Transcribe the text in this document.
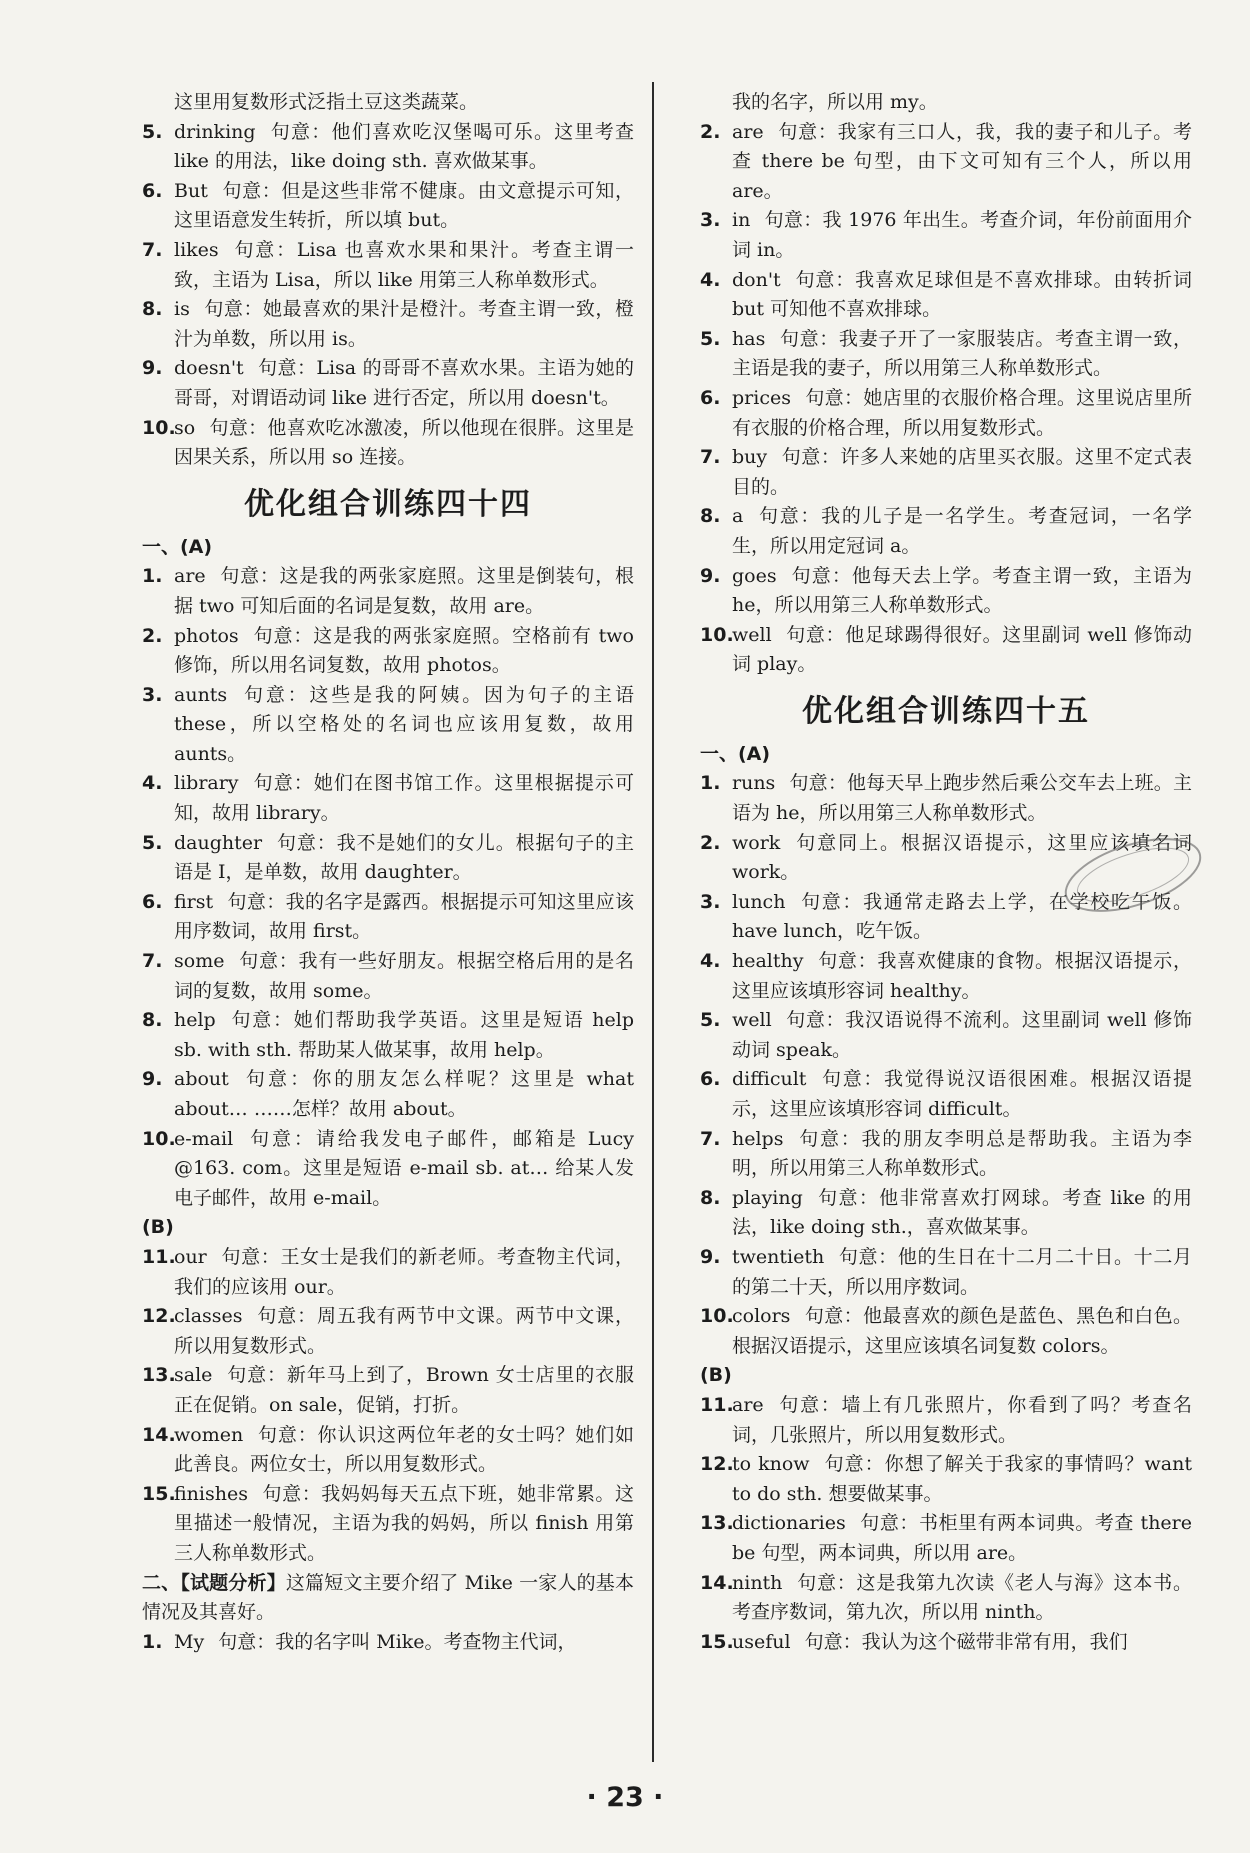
这里用复数形式泛指土豆这类蔬菜。
5. drinking 句意：他们喜欢吃汉堡喝可乐。这里考查 like 的用法，like doing sth. 喜欢做某事。
6. But 句意：但是这些非常不健康。由文意提示可知，这里语意发生转折，所以填 but。
7. likes 句意：Lisa 也喜欢水果和果汁。考查主谓一致，主语为 Lisa，所以 like 用第三人称单数形式。
8. is 句意：她最喜欢的果汁是橙汁。考查主谓一致，橙汁为单数，所以用 is。
9. doesn't 句意：Lisa 的哥哥不喜欢水果。主语为她的哥哥，对谓语动词 like 进行否定，所以用 doesn't。
10.
so 句意：他喜欢吃冰激凌，所以他现在很胖。这里是因果关系，所以用 so 连接。
优化组合训练四十四
一、(A)
1. are 句意：这是我的两张家庭照。这里是倒装句，根据 two 可知后面的名词是复数，故用 are。
2. photos 句意：这是我的两张家庭照。空格前有 two 修饰，所以用名词复数，故用 photos。
3. aunts 句意：这些是我的阿姨。因为句子的主语 these，所以空格处的名词也应该用复数，故用 aunts。
4. library 句意：她们在图书馆工作。这里根据提示可知，故用 library。
5. daughter 句意：我不是她们的女儿。根据句子的主语是 I，是单数，故用 daughter。
6. first 句意：我的名字是露西。根据提示可知这里应该用序数词，故用 first。
7. some 句意：我有一些好朋友。根据空格后用的是名词的复数，故用 some。
8. help 句意：她们帮助我学英语。这里是短语 help sb. with sth. 帮助某人做某事，故用 help。
9. about 句意：你的朋友怎么样呢？这里是 what about… ……怎样？故用 about。
10.
e-mail 句意：请给我发电子邮件，邮箱是 Lucy @163. com。这里是短语 e-mail sb. at… 给某人发电子邮件，故用 e-mail。
(B)
11.
our 句意：王女士是我们的新老师。考查物主代词，我们的应该用 our。
12.
classes 句意：周五我有两节中文课。两节中文课，所以用复数形式。
13.
sale 句意：新年马上到了，Brown 女士店里的衣服正在促销。on sale，促销，打折。
14.
women 句意：你认识这两位年老的女士吗？她们如此善良。两位女士，所以用复数形式。
15.
finishes 句意：我妈妈每天五点下班，她非常累。这里描述一般情况，主语为我的妈妈，所以 finish 用第三人称单数形式。
二、【试题分析】这篇短文主要介绍了 Mike 一家人的基本情况及其喜好。
1. My 句意：我的名字叫 Mike。考查物主代词，
我的名字，所以用 my。
2. are 句意：我家有三口人，我，我的妻子和儿子。考查 there be 句型，由下文可知有三个人，所以用 are。
3. in 句意：我 1976 年出生。考查介词，年份前面用介词 in。
4. don't 句意：我喜欢足球但是不喜欢排球。由转折词 but 可知他不喜欢排球。
5. has 句意：我妻子开了一家服装店。考查主谓一致，主语是我的妻子，所以用第三人称单数形式。
6. prices 句意：她店里的衣服价格合理。这里说店里所有衣服的价格合理，所以用复数形式。
7. buy 句意：许多人来她的店里买衣服。这里不定式表目的。
8. a 句意：我的儿子是一名学生。考查冠词，一名学生，所以用定冠词 a。
9. goes 句意：他每天去上学。考查主谓一致，主语为 he，所以用第三人称单数形式。
10.
well 句意：他足球踢得很好。这里副词 well 修饰动词 play。
优化组合训练四十五
一、(A)
1. runs 句意：他每天早上跑步然后乘公交车去上班。主语为 he，所以用第三人称单数形式。
2. work 句意同上。根据汉语提示，这里应该填名词 work。
3. lunch 句意：我通常走路去上学，在学校吃午饭。have lunch，吃午饭。
4. healthy 句意：我喜欢健康的食物。根据汉语提示，这里应该填形容词 healthy。
5. well 句意：我汉语说得不流利。这里副词 well 修饰动词 speak。
6. difficult 句意：我觉得说汉语很困难。根据汉语提示，这里应该填形容词 difficult。
7. helps 句意：我的朋友李明总是帮助我。主语为李明，所以用第三人称单数形式。
8. playing 句意：他非常喜欢打网球。考查 like 的用法，like doing sth.，喜欢做某事。
9. twentieth 句意：他的生日在十二月二十日。十二月的第二十天，所以用序数词。
10.
colors 句意：他最喜欢的颜色是蓝色、黑色和白色。根据汉语提示，这里应该填名词复数 colors。
(B)
11.
are 句意：墙上有几张照片，你看到了吗？考查名词，几张照片，所以用复数形式。
12.
to know 句意：你想了解关于我家的事情吗？want to do sth. 想要做某事。
13.
dictionaries 句意：书柜里有两本词典。考查 there be 句型，两本词典，所以用 are。
14.
ninth 句意：这是我第九次读《老人与海》这本书。考查序数词，第九次，所以用 ninth。
15.
useful 句意：我认为这个磁带非常有用，我们
· 23 ·
